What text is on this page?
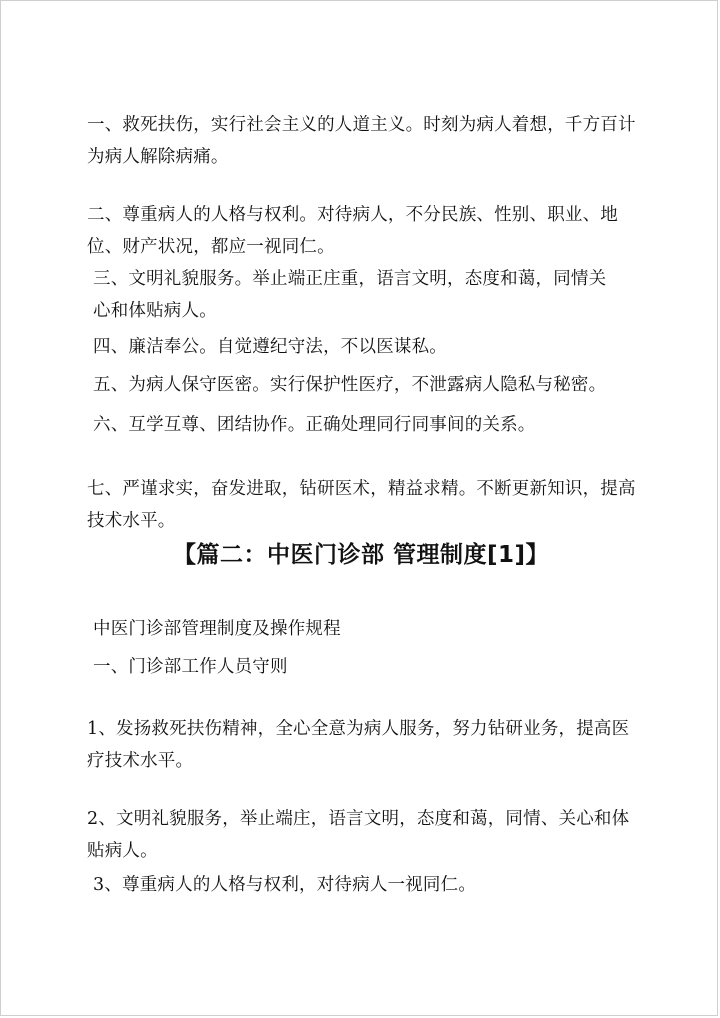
一、救死扶伤，实行社会主义的人道主义。时刻为病人着想，千方百计为病人解除病痛。

二、尊重病人的人格与权利。对待病人，不分民族、性别、职业、地位、财产状况，都应一视同仁。

三、文明礼貌服务。举止端正庄重，语言文明，态度和蔼，同情关心和体贴病人。

四、廉洁奉公。自觉遵纪守法，不以医谋私。

五、为病人保守医密。实行保护性医疗，不泄露病人隐私与秘密。

六、互学互尊、团结协作。正确处理同行同事间的关系。

七、严谨求实，奋发进取，钻研医术，精益求精。不断更新知识，提高技术水平。

【篇二：中医门诊部 管理制度[1]】

中医门诊部管理制度及操作规程

一、门诊部工作人员守则

1、发扬救死扶伤精神，全心全意为病人服务，努力钻研业务，提高医疗技术水平。

2、文明礼貌服务，举止端庄，语言文明，态度和蔼，同情、关心和体贴病人。

3、尊重病人的人格与权利，对待病人一视同仁。
